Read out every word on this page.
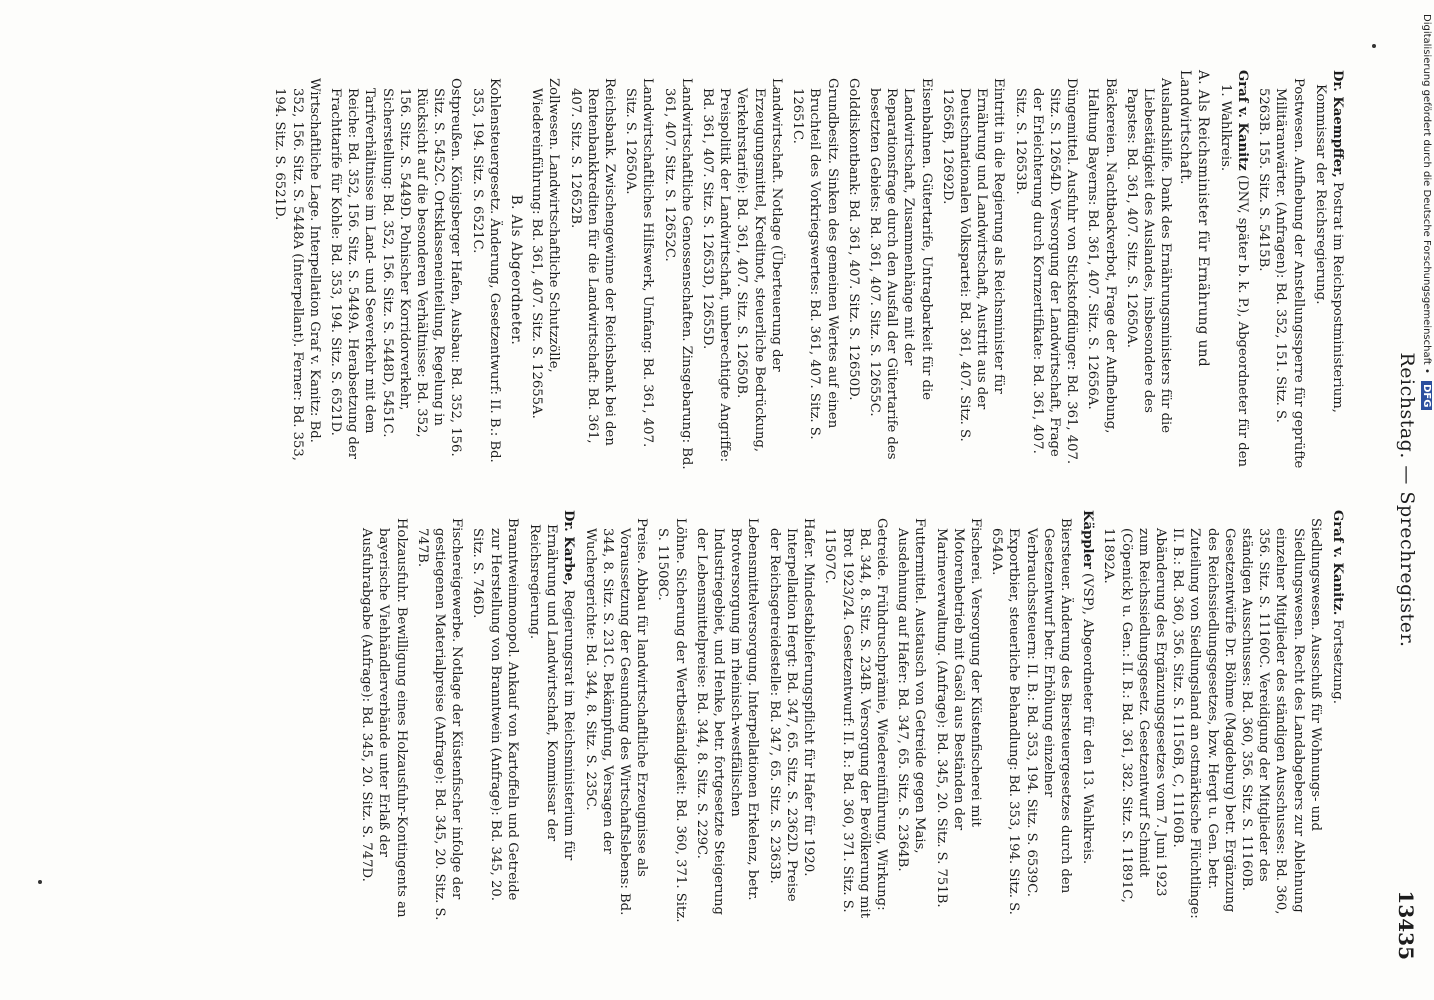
Reichstag. — Sprechregister.
13435
Dr. Kaempffer, Postrat im Reichspostministerium, Kommissar der Reichsregierung.
Postwesen. Aufhebung der Anstellungssperre für geprüfte Militäranwärter. (Anfragen): Bd. 352, 151. Sitz. S. 5263B. 155. Sitz. S. 5415B.
Graf v. Kanitz (DNV, später b. k. P.), Abgeordneter für den 1. Wahlkreis.
A. Als Reichsminister für Ernährung und Landwirtschaft.
Auslandshilfe. Dank des Ernährungsministers für die Liebestätigkeit des Auslandes, insbesondere des Papstes: Bd. 361, 407. Sitz. S. 12650A.
Bäckereien. Nachtbackverbot, Frage der Aufhebung, Haltung Bayerns: Bd. 361, 407. Sitz. S. 12656A.
Düngemittel. Ausfuhr von Stickstoffdünger: Bd. 361, 407. Sitz. S. 12654D. Versorgung der Landwirtschaft, Frage der Erleichterung durch Kornzertifikate: Bd. 361, 407. Sitz. S. 12653B.
Eintritt in die Regierung als Reichsminister für Ernährung und Landwirtschaft, Austritt aus der Deutschnationalen Volkspartei: Bd. 361, 407. Sitz. S. 12656B, 12692D.
Eisenbahnen. Gütertarife, Untragbarkeit für die Landwirtschaft, Zusammenhänge mit der Reparationsfrage durch den Ausfall der Gütertarife des besetzten Gebiets: Bd. 361, 407. Sitz. S. 12655C.
Golddiskontbank: Bd. 361, 407. Sitz. S. 12650D.
Grundbesitz. Sinken des gemeinen Wertes auf einen Bruchteil des Vorkriegswertes: Bd. 361, 407. Sitz. S. 12651C.
Landwirtschaft. Notlage (Überteuerung der Erzeugungsmittel, Kreditnot, steuerliche Bedrückung, Verkehrstarife): Bd. 361, 407. Sitz. S. 12650B. Preispolitik der Landwirtschaft, unberechtigte Angriffe: Bd. 361, 407. Sitz. S. 12653D, 12655D.
Landwirtschaftliche Genossenschaften. Zinsgebarung: Bd. 361, 407. Sitz. S. 12652C.
Landwirtschaftliches Hilfswerk, Umfang: Bd. 361, 407. Sitz. S. 12650A.
Reichsbank. Zwischengewinne der Reichsbank bei den Rentenbankkrediten für die Landwirtschaft: Bd. 361, 407. Sitz. S. 12652B.
Zollwesen. Landwirtschaftliche Schutzzölle, Wiedereinführung: Bd. 361, 407. Sitz. S. 12655A.
B. Als Abgeordneter.
Kohlensteuergesetz. Änderung, Gesetzentwurf: II. B.: Bd. 353, 194. Sitz. S. 6521C.
Ostpreußen. Königsberger Hafen, Ausbau: Bd. 352, 156. Sitz. S. 5452C. Ortsklasseneinteilung, Regelung in Rücksicht auf die besonderen Verhältnisse: Bd. 352, 156. Sitz. S. 5449D. Polnischer Korridorverkehr, Sicherstellung: Bd. 352, 156. Sitz. S. 5448D, 5451C. Tarifverhältnisse im Land- und Seeverkehr mit dem Reiche: Bd. 352, 156. Sitz. S. 5449A. Herabsetzung der Frachttarife für Kohle: Bd. 353, 194. Sitz. S. 6521D.
Wirtschaftliche Lage. Interpellation Graf v. Kanitz: Bd. 352, 156. Sitz. S. 5448A (Interpellant). Ferner: Bd. 353, 194. Sitz. S. 6521D.
Graf v. Kanitz. Fortsetzung.
Siedlungswesen. Ausschuß für Wohnungs- und Siedlungswesen. Recht des Landabgebers zur Ablehnung einzelner Mitglieder des ständigen Ausschusses: Bd. 360, 356. Sitz. S. 11160C. Vereidigung der Mitglieder des ständigen Ausschusses: Bd. 360, 356. Sitz. S. 11160B. Gesetzentwürfe Dr. Böhme (Magdeburg) betr. Ergänzung des Reichssiedlungsgesetzes, bzw. Hergt u. Gen. betr. Zuteilung von Siedlungsland an ostmärkische Flüchtlinge: II. B.: Bd. 360, 356. Sitz. S. 11156B, C, 11160B. Abänderung des Ergänzungsgesetzes vom 7. Juni 1923 zum Reichssiedlungsgesetz. Gesetzentwurf Schmidt (Cöpenick) u. Gen.: II. B.: Bd. 361, 382. Sitz. S. 11891C, 11892A.
Käppler (VSP), Abgeordneter für den 13. Wahlkreis.
Biersteuer. Änderung des Biersteuergesetzes durch den Gesetzentwurf betr. Erhöhung einzelner Verbrauchssteuern: II. B.: Bd. 353, 194. Sitz. S. 6539C. Exportbier, steuerliche Behandlung: Bd. 353, 194. Sitz. S. 6540A.
Fischerei. Versorgung der Küstenfischerei mit Motorenbetrieb mit Gasöl aus Beständen der Marineverwaltung. (Anfrage): Bd. 345, 20. Sitz. S. 751B.
Futtermittel. Austausch von Getreide gegen Mais, Ausdehnung auf Hafer: Bd. 347, 65. Sitz. S. 2364B.
Getreide. Frühdruschprämie, Wiedereinführung, Wirkung: Bd. 344, 8. Sitz. S. 234B. Versorgung der Bevölkerung mit Brot 1923/24. Gesetzentwurf: II. B.: Bd. 360, 371. Sitz. S. 11507C.
Hafer. Mindestablieferungspflicht für Hafer für 1920. Interpellation Hergt: Bd. 347, 65. Sitz. S. 2362D. Preise der Reichsgetreidestelle: Bd. 347, 65. Sitz. S. 2363B.
Lebensmittelversorgung. Interpellationen Erkelenz, betr. Brotversorgung im rheinisch-westfälischen Industriegebiet, und Henke, betr. fortgesetzte Steigerung der Lebensmittelpreise: Bd. 344, 8. Sitz. S. 229C.
Löhne. Sicherung der Wertbeständigkeit: Bd. 360, 371. Sitz. S. 11508C.
Preise. Abbau für landwirtschaftliche Erzeugnisse als Voraussetzung der Gesundung des Wirtschaftslebens: Bd. 344, 8. Sitz. S. 231C. Bekämpfung, Versagen der Wuchergerichte: Bd. 344, 8. Sitz. S. 235C.
Dr. Karbe, Regierungsrat im Reichsministerium für Ernährung und Landwirtschaft, Kommissar der Reichsregierung.
Branntweinmonopol. Ankauf von Kartoffeln und Getreide zur Herstellung von Branntwein (Anfrage): Bd. 345, 20. Sitz. S. 746D.
Fischereigewerbe. Notlage der Küstenfischer infolge der gestiegenen Materialpreise (Anfrage): Bd. 345, 20. Sitz. S. 747B.
Holzausfuhr. Bewilligung eines Holzausfuhr-Kontingents an bayerische Viehhändlerverbände unter Erlaß der Ausfuhrabgabe (Anfrage): Bd. 345, 20. Sitz. S. 747D.
Digitalisierung gefördert durch die Deutsche Forschungsgemeinschaft • DFG
